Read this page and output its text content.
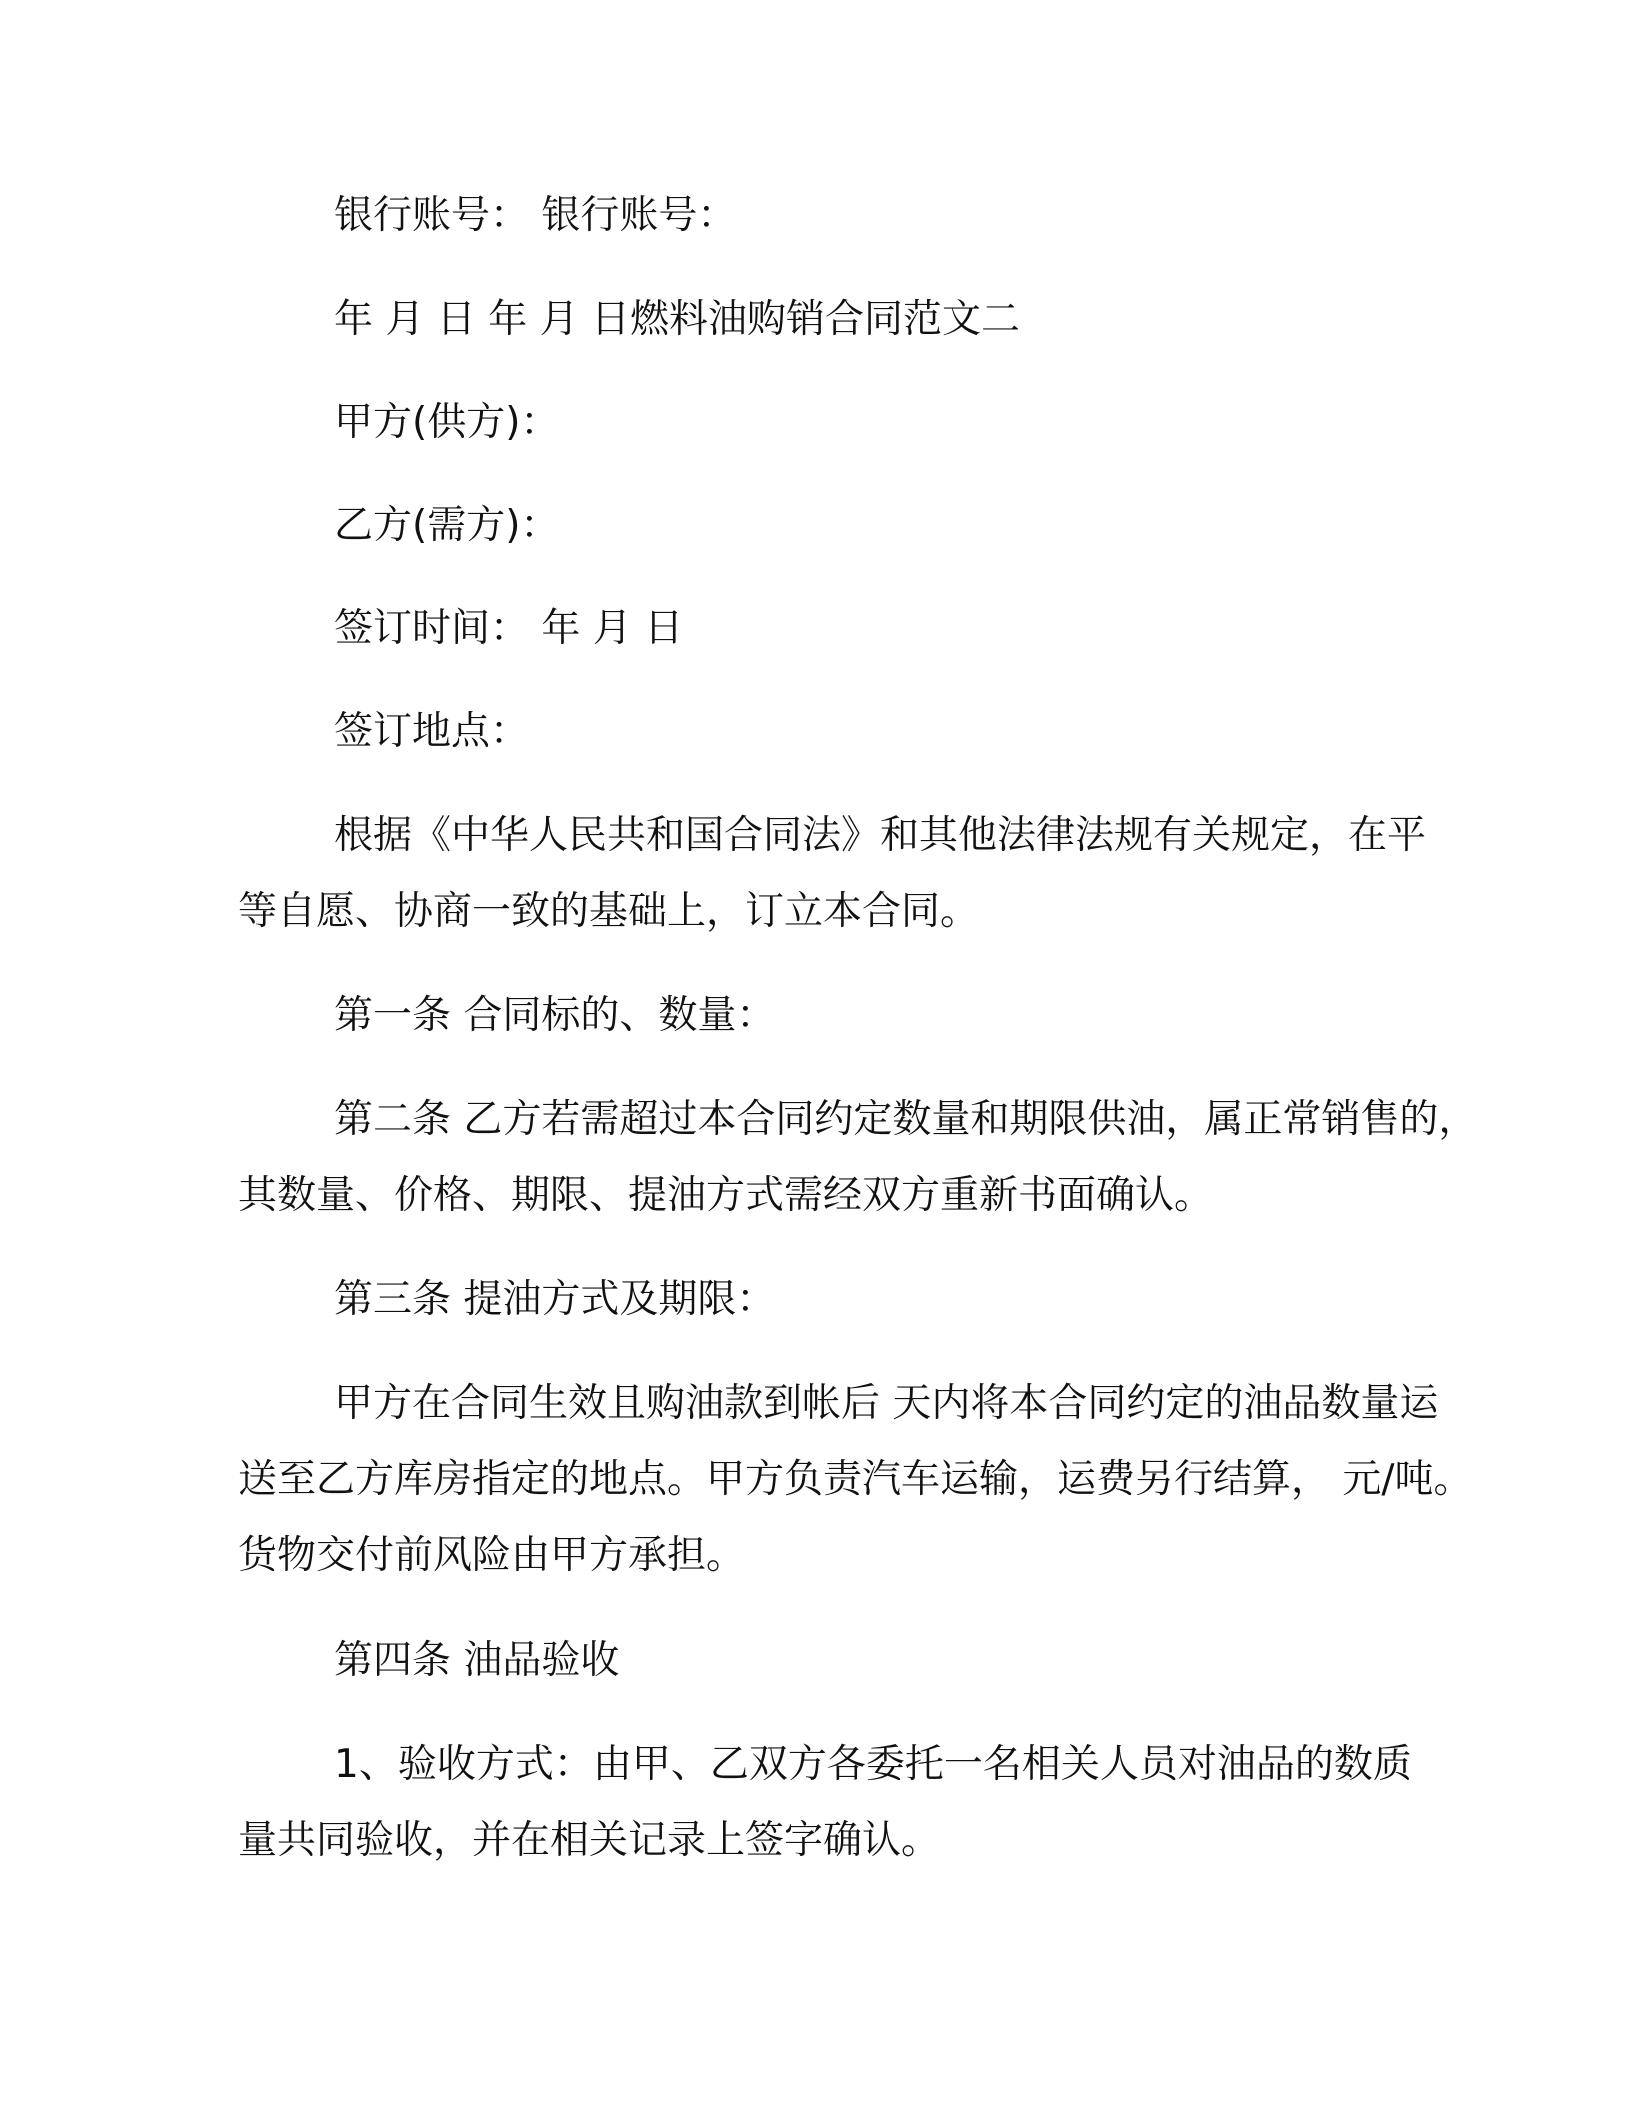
银行账号： 银行账号：

年 月 日 年 月 日燃料油购销合同范文二

甲方(供方)：

乙方(需方)：

签订时间： 年 月 日

签订地点：

根据《中华人民共和国合同法》和其他法律法规有关规定，在平
等自愿、协商一致的基础上，订立本合同。

第一条 合同标的、数量：

第二条 乙方若需超过本合同约定数量和期限供油，属正常销售的，
其数量、价格、期限、提油方式需经双方重新书面确认。

第三条 提油方式及期限：

甲方在合同生效且购油款到帐后 天内将本合同约定的油品数量运
送至乙方库房指定的地点。甲方负责汽车运输，运费另行结算， 元/吨。
货物交付前风险由甲方承担。

第四条 油品验收

1、验收方式：由甲、乙双方各委托一名相关人员对油品的数质
量共同验收，并在相关记录上签字确认。
